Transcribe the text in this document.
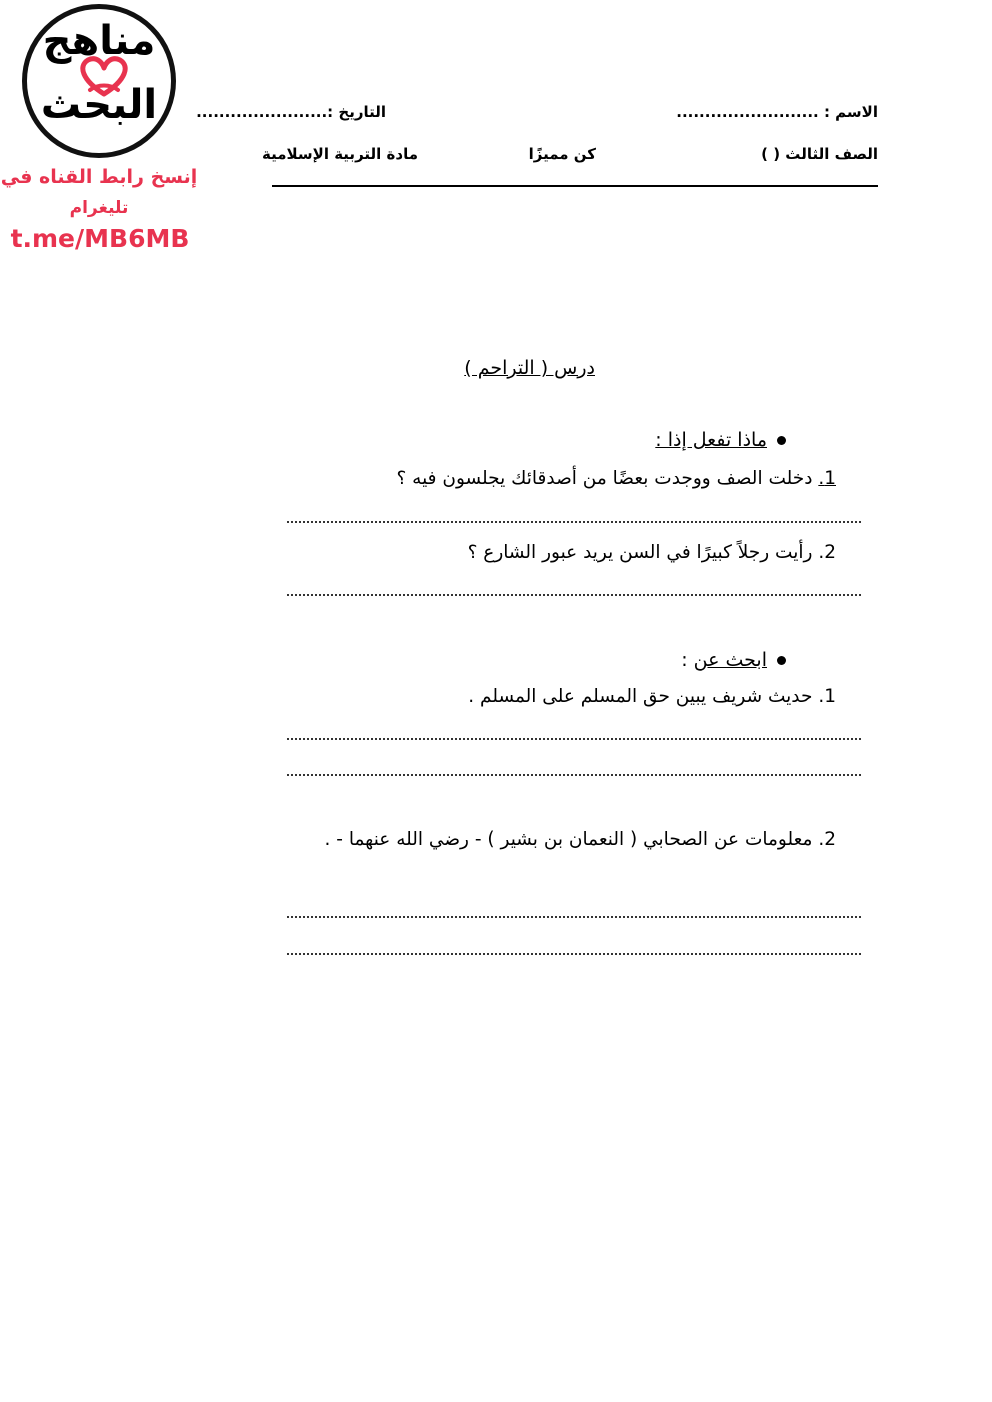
مناهج
البحث
إنسخ رابط القناه في
تليغرام
t.me/MB6MB
الاسم : .........................
التاريخ :.......................
الصف الثالث ( )
كن مميزًا
مادة التربية الإسلامية
درس ( التراحم )
ماذا تفعل إذا :
1. دخلت الصف ووجدت بعضًا من أصدقائك يجلسون فيه ؟
2. رأيت رجلاً كبيرًا في السن يريد عبور الشارع ؟
ابحث عن :
1. حديث شريف يبين حق المسلم على المسلم .
2. معلومات عن الصحابي ( النعمان بن بشير ) - رضي الله عنهما - .
